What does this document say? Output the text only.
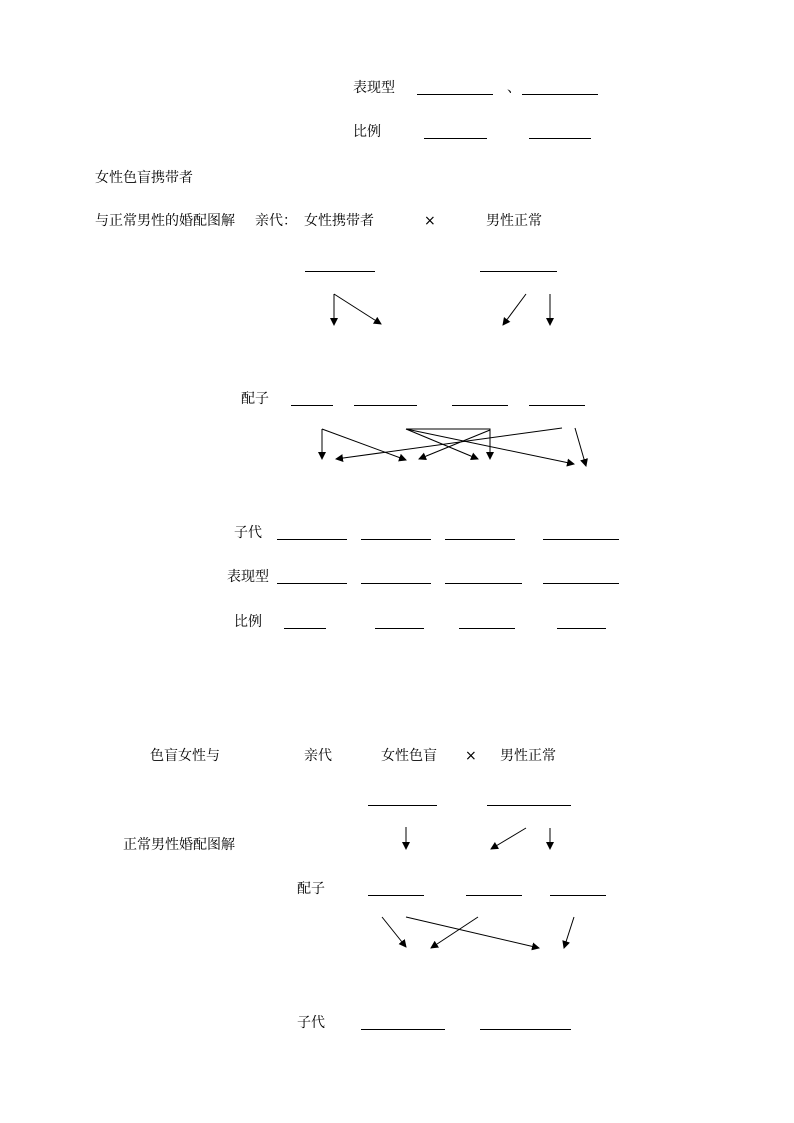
表现型	、
比例
女性色盲携带者
与正常男性的婚配图解 亲代： 女性携带者	×	男性正常
配子
子代
表现型
比例
色盲女性与	亲代	女性色盲 × 男性正常
正常男性婚配图解
配子
子代
